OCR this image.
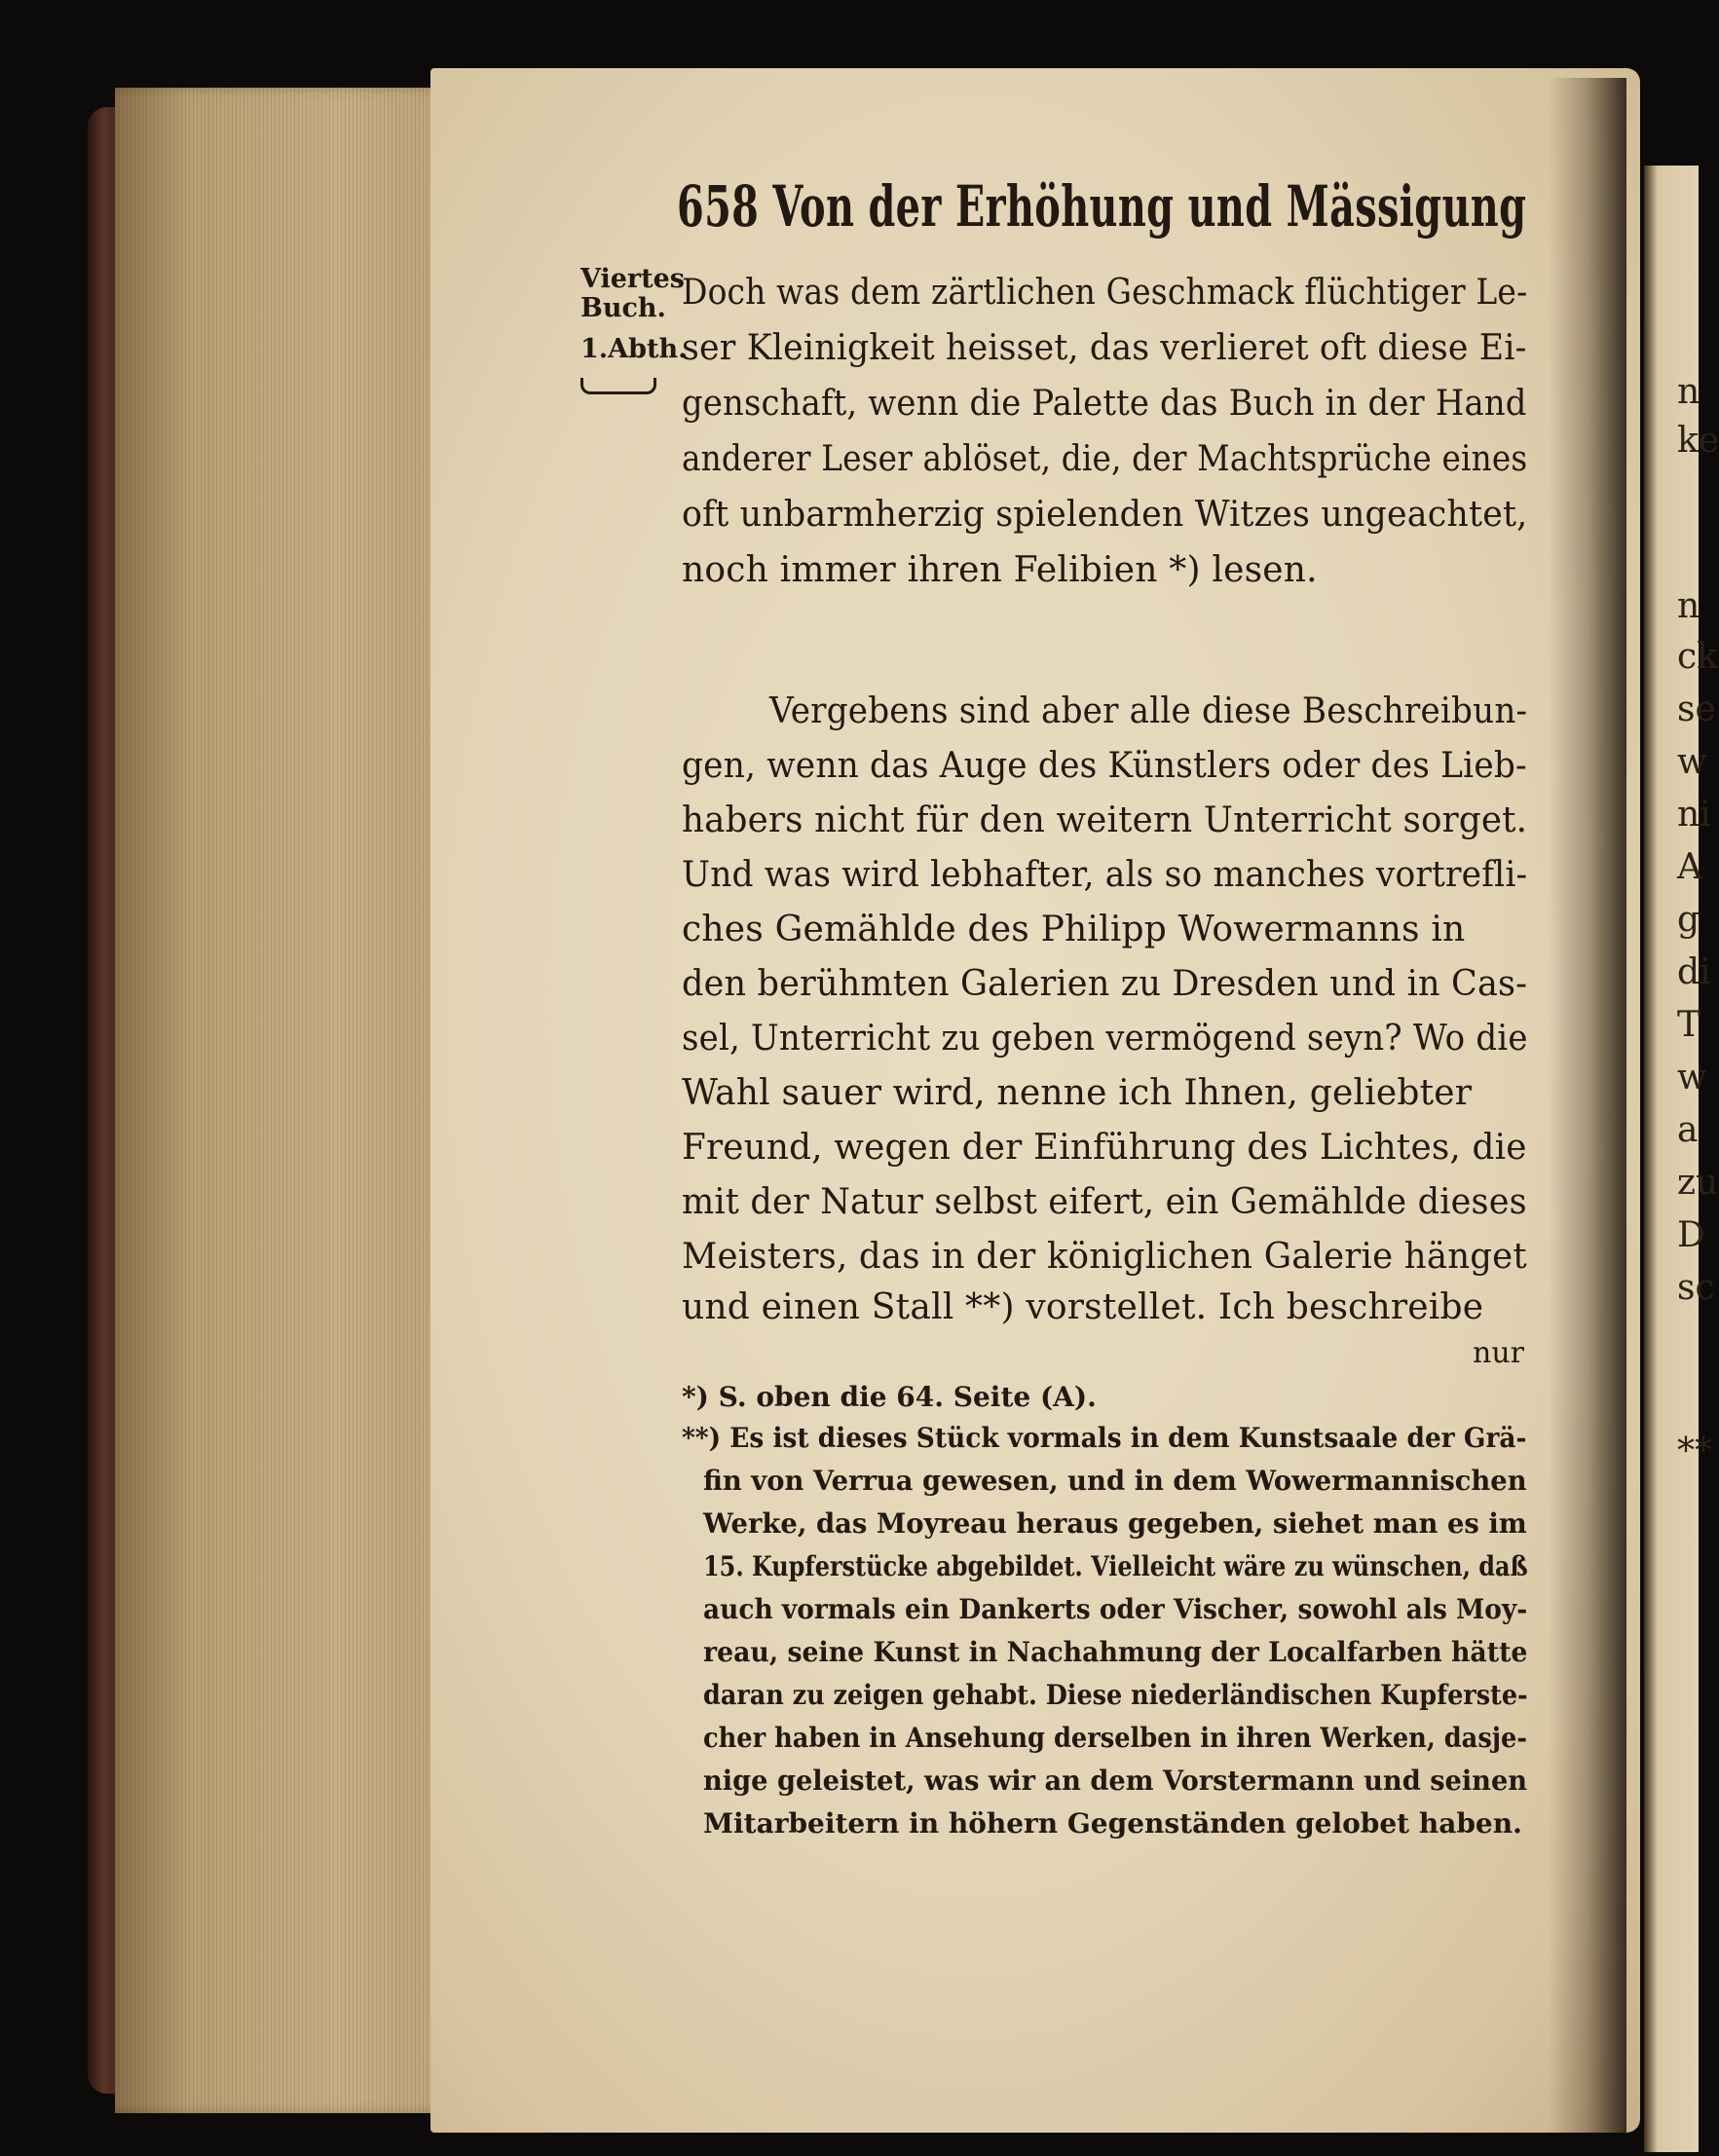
n
ke
n
ck
se
w
ni
A
g
di
T
w
a
zu
D
sc
**
658 Von der Erhöhung und Mässigung
Viertes
Buch.
1.Abth.
Doch was dem zärtlichen Geschmack flüchtiger Le-
ser Kleinigkeit heisset, das verlieret oft diese Ei-
genschaft, wenn die Palette das Buch in der Hand
anderer Leser ablöset, die, der Machtsprüche eines
oft unbarmherzig spielenden Witzes ungeachtet,
noch immer ihren Felibien *) lesen.
Vergebens sind aber alle diese Beschreibun-
gen, wenn das Auge des Künstlers oder des Lieb-
habers nicht für den weitern Unterricht sorget.
Und was wird lebhafter, als so manches vortrefli-
ches Gemählde des Philipp Wowermanns in
den berühmten Galerien zu Dresden und in Cas-
sel, Unterricht zu geben vermögend seyn? Wo die
Wahl sauer wird, nenne ich Ihnen, geliebter
Freund, wegen der Einführung des Lichtes, die
mit der Natur selbst eifert, ein Gemählde dieses
Meisters, das in der königlichen Galerie hänget
und einen Stall **) vorstellet. Ich beschreibe
nur
*) S. oben die 64. Seite (A).
**) Es ist dieses Stück vormals in dem Kunstsaale der Grä-
fin von Verrua gewesen, und in dem Wowermannischen
Werke, das Moyreau heraus gegeben, siehet man es im
15. Kupferstücke abgebildet. Vielleicht wäre zu wünschen, daß
auch vormals ein Dankerts oder Vischer, sowohl als Moy-
reau, seine Kunst in Nachahmung der Localfarben hätte
daran zu zeigen gehabt. Diese niederländischen Kupferste-
cher haben in Ansehung derselben in ihren Werken, dasje-
nige geleistet, was wir an dem Vorstermann und seinen
Mitarbeitern in höhern Gegenständen gelobet haben.
